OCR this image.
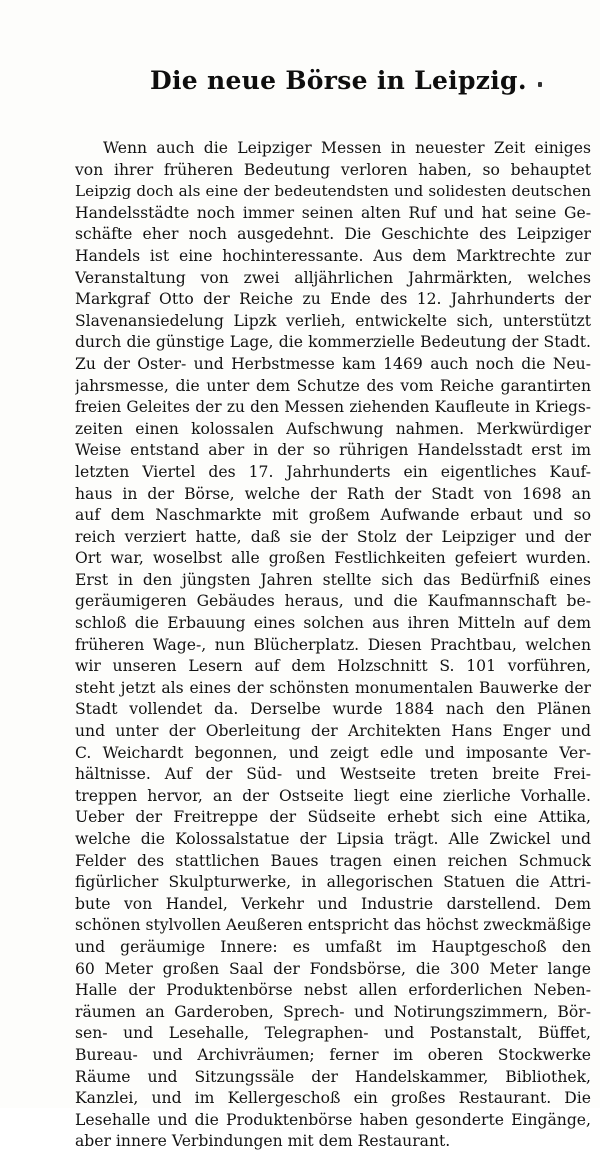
Die neue Börse in Leipzig.
Wenn auch die Leipziger Messen in neuester Zeit einiges
von ihrer früheren Bedeutung verloren haben, so behauptet
Leipzig doch als eine der bedeutendsten und solidesten deutschen
Handelsstädte noch immer seinen alten Ruf und hat seine Ge-
schäfte eher noch ausgedehnt. Die Geschichte des Leipziger
Handels ist eine hochinteressante. Aus dem Marktrechte zur
Veranstaltung von zwei alljährlichen Jahrmärkten, welches
Markgraf Otto der Reiche zu Ende des 12. Jahrhunderts der
Slavenansiedelung Lipzk verlieh, entwickelte sich, unterstützt
durch die günstige Lage, die kommerzielle Bedeutung der Stadt.
Zu der Oster- und Herbstmesse kam 1469 auch noch die Neu-
jahrsmesse, die unter dem Schutze des vom Reiche garantirten
freien Geleites der zu den Messen ziehenden Kaufleute in Kriegs-
zeiten einen kolossalen Aufschwung nahmen. Merkwürdiger
Weise entstand aber in der so rührigen Handelsstadt erst im
letzten Viertel des 17. Jahrhunderts ein eigentliches Kauf-
haus in der Börse, welche der Rath der Stadt von 1698 an
auf dem Naschmarkte mit großem Aufwande erbaut und so
reich verziert hatte, daß sie der Stolz der Leipziger und der
Ort war, woselbst alle großen Festlichkeiten gefeiert wurden.
Erst in den jüngsten Jahren stellte sich das Bedürfniß eines
geräumigeren Gebäudes heraus, und die Kaufmannschaft be-
schloß die Erbauung eines solchen aus ihren Mitteln auf dem
früheren Wage-, nun Blücherplatz. Diesen Prachtbau, welchen
wir unseren Lesern auf dem Holzschnitt S. 101 vorführen,
steht jetzt als eines der schönsten monumentalen Bauwerke der
Stadt vollendet da. Derselbe wurde 1884 nach den Plänen
und unter der Oberleitung der Architekten Hans Enger und
C. Weichardt begonnen, und zeigt edle und imposante Ver-
hältnisse. Auf der Süd- und Westseite treten breite Frei-
treppen hervor, an der Ostseite liegt eine zierliche Vorhalle.
Ueber der Freitreppe der Südseite erhebt sich eine Attika,
welche die Kolossalstatue der Lipsia trägt. Alle Zwickel und
Felder des stattlichen Baues tragen einen reichen Schmuck
figürlicher Skulpturwerke, in allegorischen Statuen die Attri-
bute von Handel, Verkehr und Industrie darstellend. Dem
schönen stylvollen Aeußeren entspricht das höchst zweckmäßige
und geräumige Innere: es umfaßt im Hauptgeschoß den
60 Meter großen Saal der Fondsbörse, die 300 Meter lange
Halle der Produktenbörse nebst allen erforderlichen Neben-
räumen an Garderoben, Sprech- und Notirungszimmern, Bör-
sen- und Lesehalle, Telegraphen- und Postanstalt, Büffet,
Bureau- und Archivräumen; ferner im oberen Stockwerke
Räume und Sitzungssäle der Handelskammer, Bibliothek,
Kanzlei, und im Kellergeschoß ein großes Restaurant. Die
Lesehalle und die Produktenbörse haben gesonderte Eingänge,
aber innere Verbindungen mit dem Restaurant.
